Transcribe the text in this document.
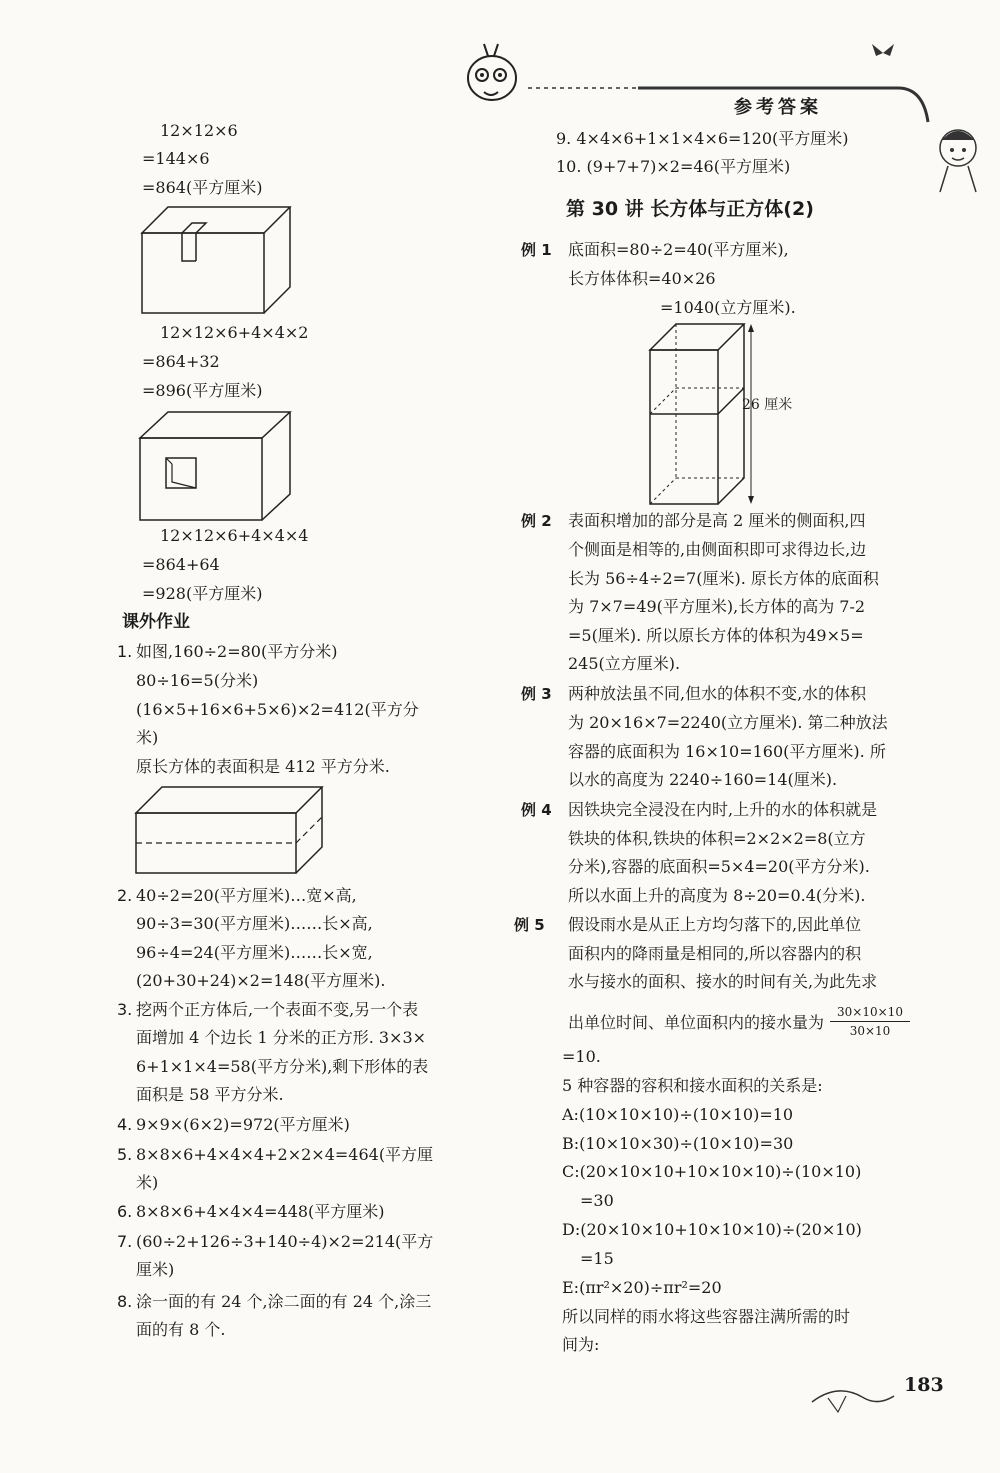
参考答案
12×12×6
=144×6
=864(平方厘米)
12×12×6+4×4×2
=864+32
=896(平方厘米)
12×12×6+4×4×4
=864+64
=928(平方厘米)
课外作业
1. 如图,160÷2=80(平方分米)
80÷16=5(分米)
(16×5+16×6+5×6)×2=412(平方分
米)
原长方体的表面积是 412 平方分米.
2. 40÷2=20(平方厘米)…宽×高,
90÷3=30(平方厘米)……长×高,
96÷4=24(平方厘米)……长×宽,
(20+30+24)×2=148(平方厘米).
3. 挖两个正方体后,一个表面不变,另一个表
面增加 4 个边长 1 分米的正方形. 3×3×
6+1×1×4=58(平方分米),剩下形体的表
面积是 58 平方分米.
4. 9×9×(6×2)=972(平方厘米)
5. 8×8×6+4×4×4+2×2×4=464(平方厘
米)
6. 8×8×6+4×4×4=448(平方厘米)
7. (60÷2+126÷3+140÷4)×2=214(平方
厘米)
8. 涂一面的有 24 个,涂二面的有 24 个,涂三
面的有 8 个.
9. 4×4×6+1×1×4×6=120(平方厘米)
10. (9+7+7)×2=46(平方厘米)
第 30 讲 长方体与正方体(2)
例 1 底面积=80÷2=40(平方厘米),
长方体体积=40×26
=1040(立方厘米).
26 厘米
例 2 表面积增加的部分是高 2 厘米的侧面积,四
个侧面是相等的,由侧面积即可求得边长,边
长为 56÷4÷2=7(厘米). 原长方体的底面积
为 7×7=49(平方厘米),长方体的高为 7-2
=5(厘米). 所以原长方体的体积为49×5=
245(立方厘米).
例 3 两种放法虽不同,但水的体积不变,水的体积
为 20×16×7=2240(立方厘米). 第二种放法
容器的底面积为 16×10=160(平方厘米). 所
以水的高度为 2240÷160=14(厘米).
例 4 因铁块完全浸没在内时,上升的水的体积就是
铁块的体积,铁块的体积=2×2×2=8(立方
分米),容器的底面积=5×4=20(平方分米).
所以水面上升的高度为 8÷20=0.4(分米).
例 5 假设雨水是从正上方均匀落下的,因此单位
面积内的降雨量是相同的,所以容器内的积
水与接水的面积、接水的时间有关,为此先求
出单位时间、单位面积内的接水量为
30×10×10
30×10
=10.
5 种容器的容积和接水面积的关系是:
A:(10×10×10)÷(10×10)=10
B:(10×10×30)÷(10×10)=30
C:(20×10×10+10×10×10)÷(10×10)
=30
D:(20×10×10+10×10×10)÷(20×10)
=15
E:(πr²×20)÷πr²=20
所以同样的雨水将这些容器注满所需的时
间为:
183
